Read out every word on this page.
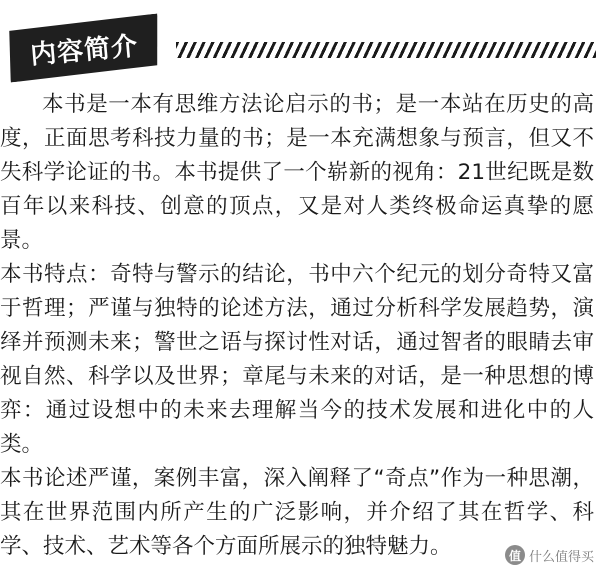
内容简介

本书是一本有思维方法论启示的书；是一本站在历史的高度，正面思考科技力量的书；是一本充满想象与预言，但又不失科学论证的书。本书提供了一个崭新的视角：21世纪既是数百年以来科技、创意的顶点，又是对人类终极命运真挚的愿景。

本书特点：奇特与警示的结论，书中六个纪元的划分奇特又富于哲理；严谨与独特的论述方法，通过分析科学发展趋势，演绎并预测未来；警世之语与探讨性对话，通过智者的眼睛去审视自然、科学以及世界；章尾与未来的对话，是一种思想的博弈：通过设想中的未来去理解当今的技术发展和进化中的人类。

本书论述严谨，案例丰富，深入阐释了“奇点”作为一种思潮，其在世界范围内所产生的广泛影响，并介绍了其在哲学、科学、技术、艺术等各个方面所展示的独特魅力。	值 什么值得买
